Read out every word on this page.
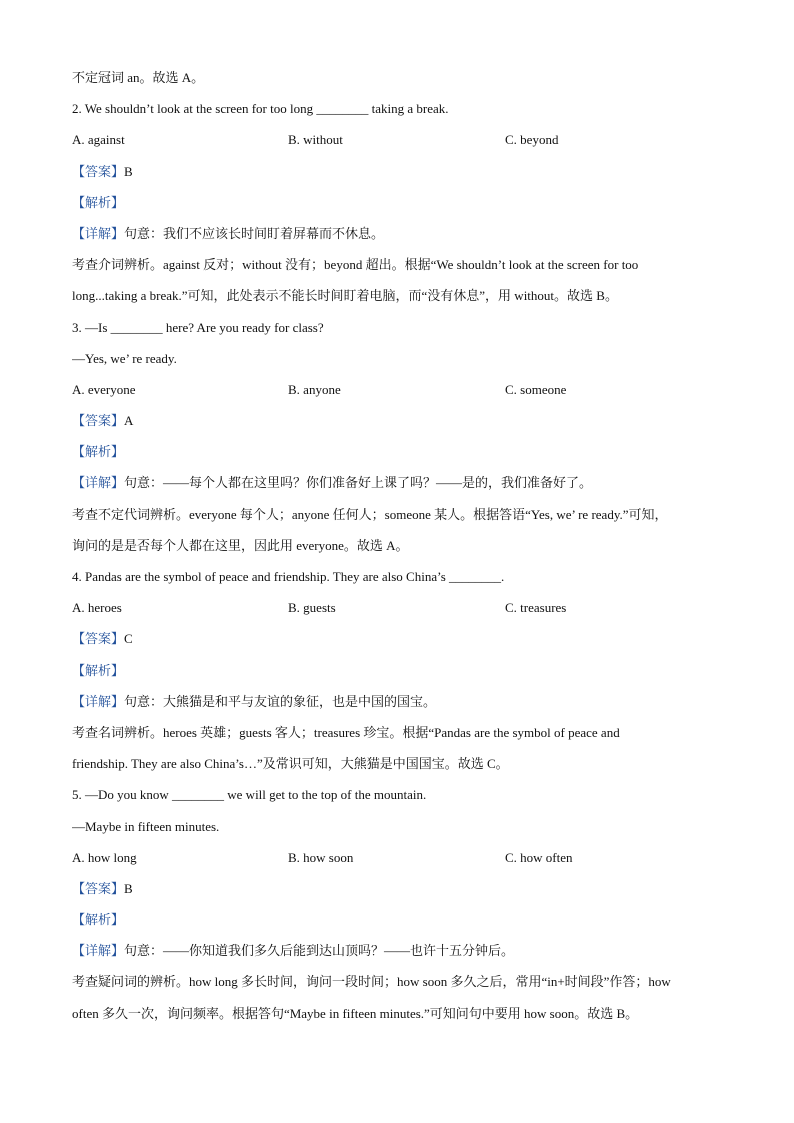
不定冠词 an。故选 A。
2. We shouldn’t look at the screen for too long ________ taking a break.
A. against	B. without	C. beyond
【答案】B
【解析】
【详解】句意：我们不应该长时间盯着屏幕而不休息。
考查介词辨析。against 反对；without 没有；beyond 超出。根据“We shouldn’t look at the screen for too
long...taking a break.”可知，此处表示不能长时间盯着电脑，而“没有休息”，用 without。故选 B。
3. —Is ________ here? Are you ready for class?
—Yes, we’ re ready.
A. everyone	B. anyone	C. someone
【答案】A
【解析】
【详解】句意：——每个人都在这里吗？你们准备好上课了吗？——是的，我们准备好了。
考查不定代词辨析。everyone 每个人；anyone 任何人；someone 某人。根据答语“Yes, we’ re ready.”可知，
询问的是是否每个人都在这里，因此用 everyone。故选 A。
4. Pandas are the symbol of peace and friendship. They are also China’s ________.
A. heroes	B. guests	C. treasures
【答案】C
【解析】
【详解】句意：大熊猫是和平与友谊的象征，也是中国的国宝。
考查名词辨析。heroes 英雄；guests 客人；treasures 珍宝。根据“Pandas are the symbol of peace and
friendship. They are also China’s…”及常识可知，大熊猫是中国国宝。故选 C。
5. —Do you know ________ we will get to the top of the mountain.
—Maybe in fifteen minutes.
A. how long	B. how soon	C. how often
【答案】B
【解析】
【详解】句意：——你知道我们多久后能到达山顶吗？——也许十五分钟后。
考查疑问词的辨析。how long 多长时间，询问一段时间；how soon 多久之后，常用“in+时间段”作答；how
often 多久一次，询问频率。根据答句“Maybe in fifteen minutes.”可知问句中要用 how soon。故选 B。
